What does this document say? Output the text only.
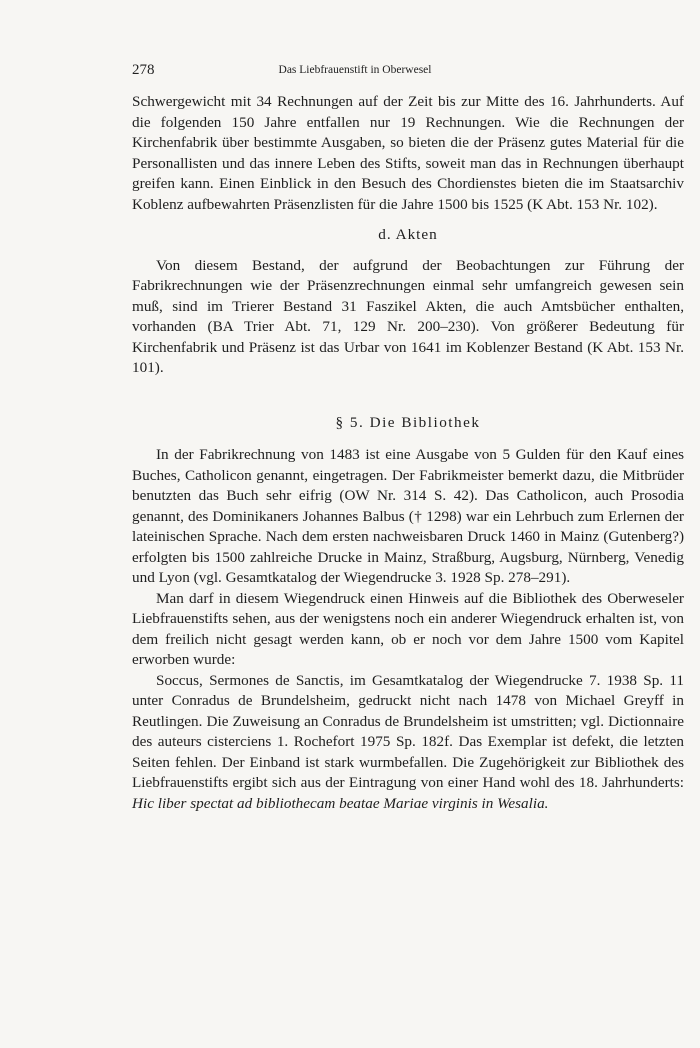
278	Das Liebfrauenstift in Oberwesel

Schwergewicht mit 34 Rechnungen auf der Zeit bis zur Mitte des 16. Jahrhunderts. Auf die folgenden 150 Jahre entfallen nur 19 Rechnungen. Wie die Rechnungen der Kirchenfabrik über bestimmte Ausgaben, so bieten die der Präsenz gutes Material für die Personallisten und das innere Leben des Stifts, soweit man das in Rechnungen überhaupt greifen kann. Einen Einblick in den Besuch des Chordienstes bieten die im Staatsarchiv Koblenz aufbewahrten Präsenzlisten für die Jahre 1500 bis 1525 (K Abt. 153 Nr. 102).

d. Akten

Von diesem Bestand, der aufgrund der Beobachtungen zur Führung der Fabrikrechnungen wie der Präsenzrechnungen einmal sehr umfangreich gewesen sein muß, sind im Trierer Bestand 31 Faszikel Akten, die auch Amtsbücher enthalten, vorhanden (BA Trier Abt. 71, 129 Nr. 200–230). Von größerer Bedeutung für Kirchenfabrik und Präsenz ist das Urbar von 1641 im Koblenzer Bestand (K Abt. 153 Nr. 101).

§ 5. Die Bibliothek

In der Fabrikrechnung von 1483 ist eine Ausgabe von 5 Gulden für den Kauf eines Buches, Catholicon genannt, eingetragen. Der Fabrikmeister bemerkt dazu, die Mitbrüder benutzten das Buch sehr eifrig (OW Nr. 314 S. 42). Das Catholicon, auch Prosodia genannt, des Dominikaners Johannes Balbus († 1298) war ein Lehrbuch zum Erlernen der lateinischen Sprache. Nach dem ersten nachweisbaren Druck 1460 in Mainz (Gutenberg?) erfolgten bis 1500 zahlreiche Drucke in Mainz, Straßburg, Augsburg, Nürnberg, Venedig und Lyon (vgl. Gesamtkatalog der Wiegendrucke 3. 1928 Sp. 278–291).

Man darf in diesem Wiegendruck einen Hinweis auf die Bibliothek des Oberweseler Liebfrauenstifts sehen, aus der wenigstens noch ein anderer Wiegendruck erhalten ist, von dem freilich nicht gesagt werden kann, ob er noch vor dem Jahre 1500 vom Kapitel erworben wurde:

Soccus, Sermones de Sanctis, im Gesamtkatalog der Wiegendrucke 7. 1938 Sp. 11 unter Conradus de Brundelsheim, gedruckt nicht nach 1478 von Michael Greyff in Reutlingen. Die Zuweisung an Conradus de Brundelsheim ist umstritten; vgl. Dictionnaire des auteurs cisterciens 1. Rochefort 1975 Sp. 182f. Das Exemplar ist defekt, die letzten Seiten fehlen. Der Einband ist stark wurmbefallen. Die Zugehörigkeit zur Bibliothek des Liebfrauenstifts ergibt sich aus der Eintragung von einer Hand wohl des 18. Jahrhunderts: Hic liber spectat ad bibliothecam beatae Mariae virginis in Wesalia.
